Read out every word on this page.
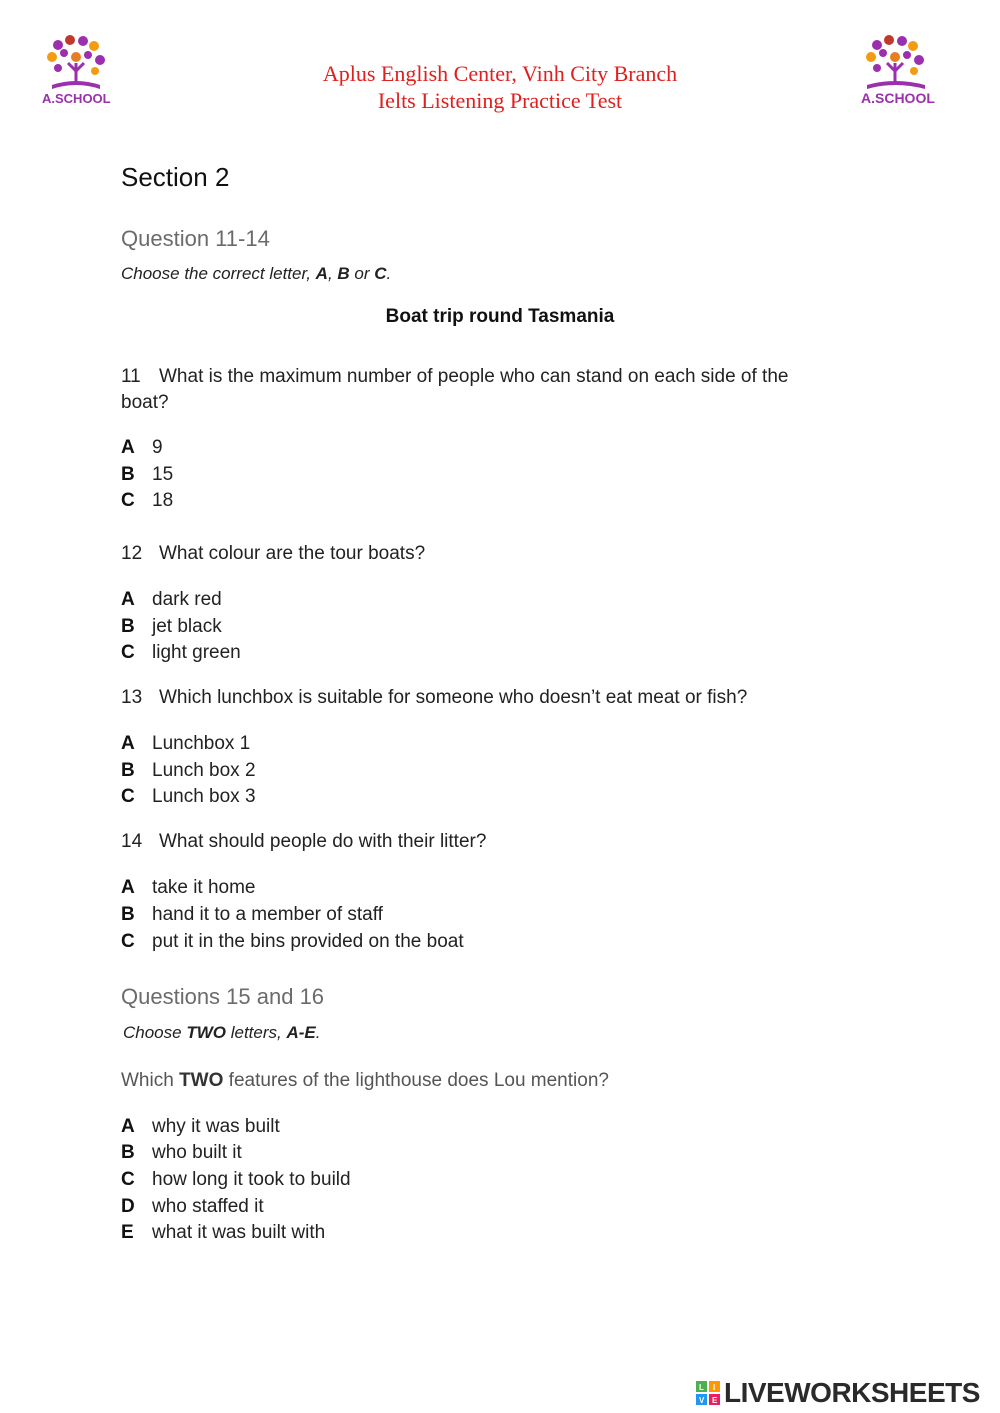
A.SCHOOL	A.SCHOOL
Aplus English Center, Vinh City Branch
Ielts Listening Practice Test
Section 2
Question 11-14
Choose the correct letter, A, B or C.
Boat trip round Tasmania
11 What is the maximum number of people who can stand on each side of the boat?
A 9
B 15
C 18
12 What colour are the tour boats?
A dark red
B jet black
C light green
13 Which lunchbox is suitable for someone who doesn’t eat meat or fish?
A Lunchbox 1
B Lunch box 2
C Lunch box 3
14 What should people do with their litter?
A take it home
B hand it to a member of staff
C put it in the bins provided on the boat
Questions 15 and 16
Choose TWO letters, A-E.
Which TWO features of the lighthouse does Lou mention?
A why it was built
B who built it
C how long it took to build
D who staffed it
E what it was built with
L I
V E LIVEWORKSHEETS
